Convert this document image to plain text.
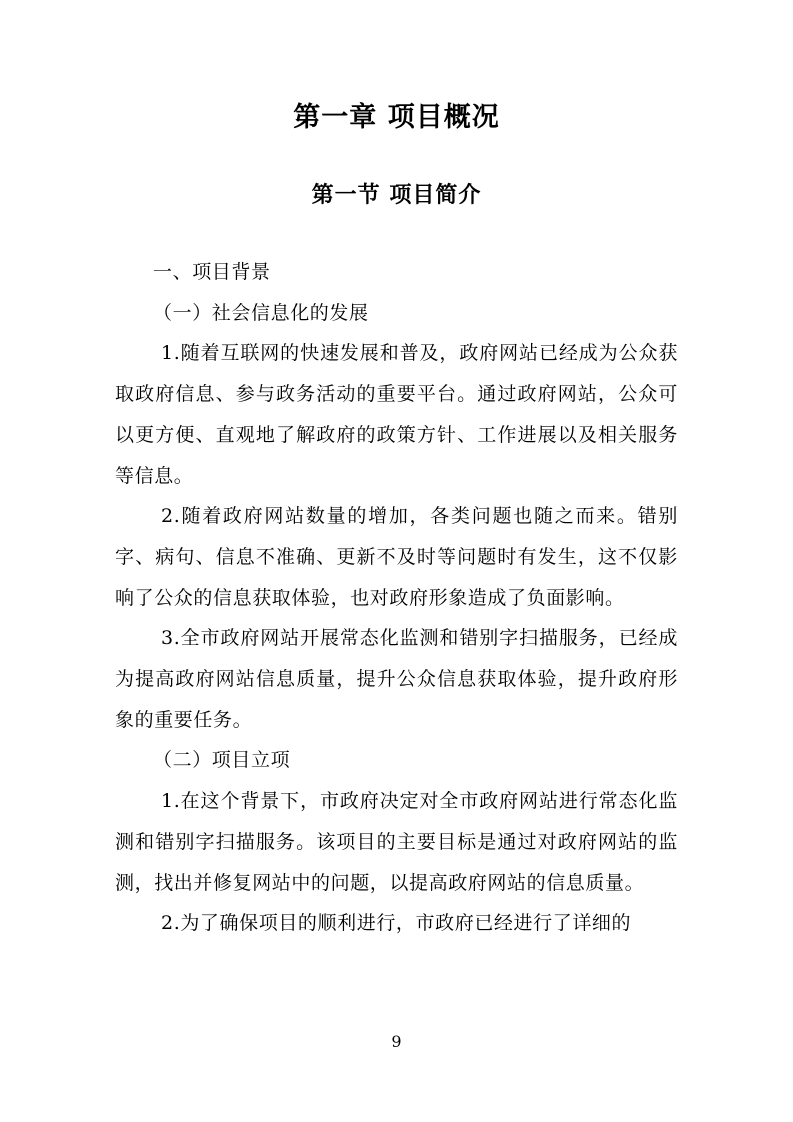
第一章 项目概况
第一节 项目简介

一、项目背景

（一）社会信息化的发展

1.随着互联网的快速发展和普及，政府网站已经成为公众获取政府信息、参与政务活动的重要平台。通过政府网站，公众可以更方便、直观地了解政府的政策方针、工作进展以及相关服务等信息。

2.随着政府网站数量的增加，各类问题也随之而来。错别字、病句、信息不准确、更新不及时等问题时有发生，这不仅影响了公众的信息获取体验，也对政府形象造成了负面影响。

3.全市政府网站开展常态化监测和错别字扫描服务，已经成为提高政府网站信息质量，提升公众信息获取体验，提升政府形象的重要任务。

（二）项目立项

1.在这个背景下，市政府决定对全市政府网站进行常态化监测和错别字扫描服务。该项目的主要目标是通过对政府网站的监测，找出并修复网站中的问题，以提高政府网站的信息质量。

2.为了确保项目的顺利进行，市政府已经进行了详细的

9
